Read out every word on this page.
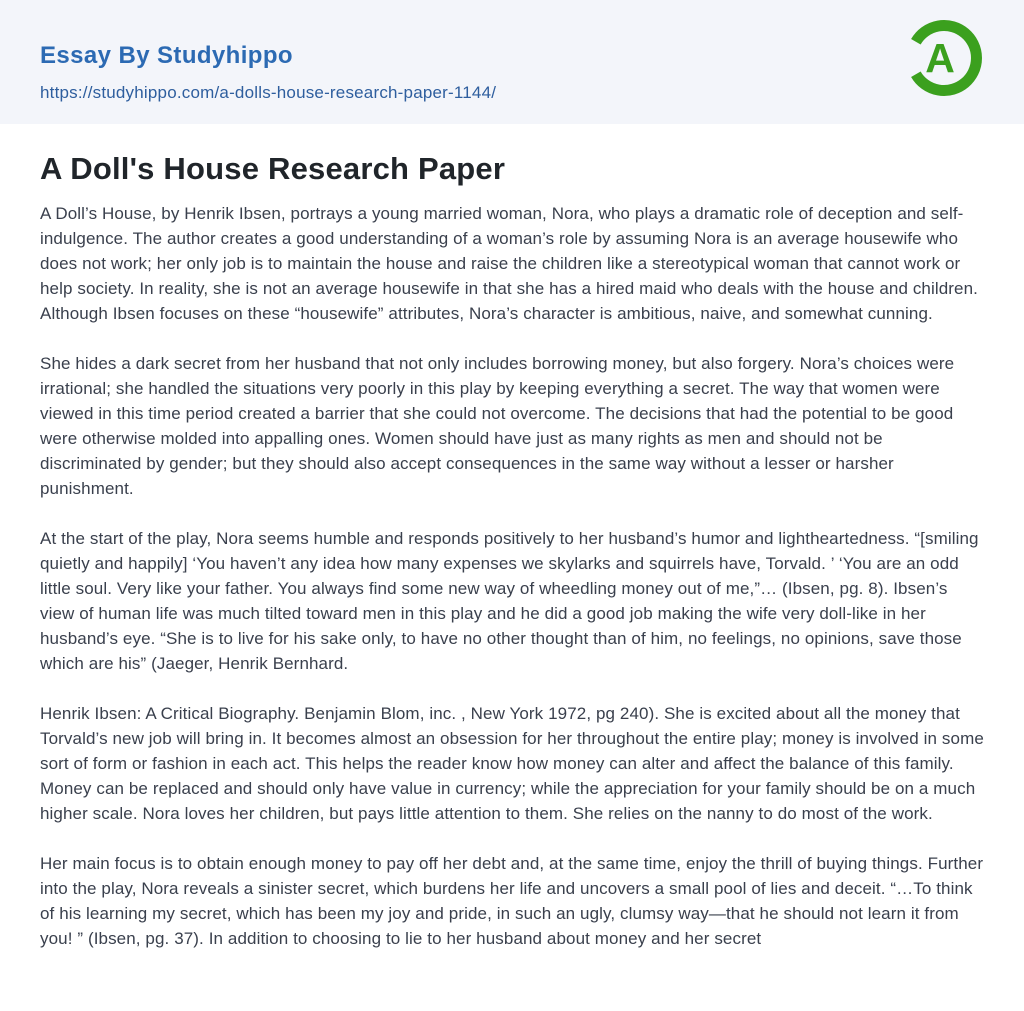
Essay By Studyhippo
https://studyhippo.com/a-dolls-house-research-paper-1144/
A
A Doll's House Research Paper

A Doll’s House, by Henrik Ibsen, portrays a young married woman, Nora, who plays a dramatic role of deception and self-indulgence. The author creates a good understanding of a woman’s role by assuming Nora is an average housewife who does not work; her only job is to maintain the house and raise the children like a stereotypical woman that cannot work or help society. In reality, she is not an average housewife in that she has a hired maid who deals with the house and children. Although Ibsen focuses on these “housewife” attributes, Nora’s character is ambitious, naive, and somewhat cunning.

She hides a dark secret from her husband that not only includes borrowing money, but also forgery. Nora’s choices were irrational; she handled the situations very poorly in this play by keeping everything a secret. The way that women were viewed in this time period created a barrier that she could not overcome. The decisions that had the potential to be good were otherwise molded into appalling ones. Women should have just as many rights as men and should not be discriminated by gender; but they should also accept consequences in the same way without a lesser or harsher punishment.

At the start of the play, Nora seems humble and responds positively to her husband’s humor and lightheartedness. “[smiling quietly and happily] ‘You haven’t any idea how many expenses we skylarks and squirrels have, Torvald. ’ ‘You are an odd little soul. Very like your father. You always find some new way of wheedling money out of me,”… (Ibsen, pg. 8). Ibsen’s view of human life was much tilted toward men in this play and he did a good job making the wife very doll-like in her husband’s eye. “She is to live for his sake only, to have no other thought than of him, no feelings, no opinions, save those which are his” (Jaeger, Henrik Bernhard.

Henrik Ibsen: A Critical Biography. Benjamin Blom, inc. , New York 1972, pg 240). She is excited about all the money that Torvald’s new job will bring in. It becomes almost an obsession for her throughout the entire play; money is involved in some sort of form or fashion in each act. This helps the reader know how money can alter and affect the balance of this family. Money can be replaced and should only have value in currency; while the appreciation for your family should be on a much higher scale. Nora loves her children, but pays little attention to them. She relies on the nanny to do most of the work.

Her main focus is to obtain enough money to pay off her debt and, at the same time, enjoy the thrill of buying things. Further into the play, Nora reveals a sinister secret, which burdens her life and uncovers a small pool of lies and deceit. “…To think of his learning my secret, which has been my joy and pride, in such an ugly, clumsy way—that he should not learn it from you! ” (Ibsen, pg. 37). In addition to choosing to lie to her husband about money and her secret
